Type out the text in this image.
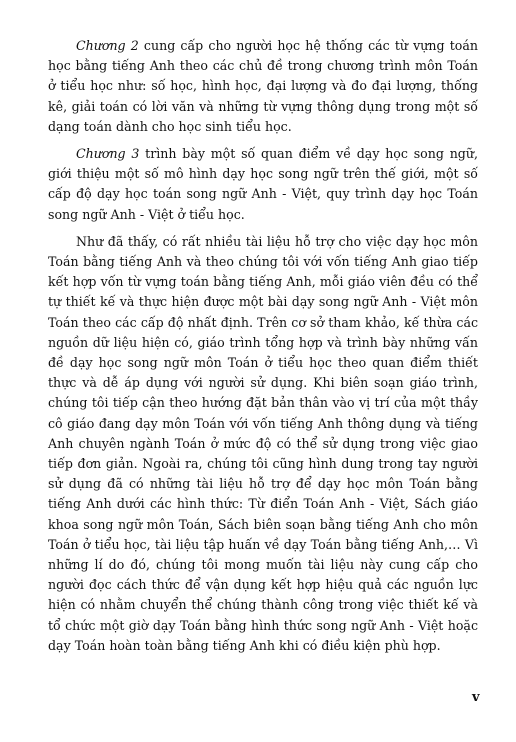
Chương 2 cung cấp cho người học hệ thống các từ vựng toán học bằng tiếng Anh theo các chủ đề trong chương trình môn Toán ở tiểu học như: số học, hình học, đại lượng và đo đại lượng, thống kê, giải toán có lời văn và những từ vựng thông dụng trong một số dạng toán dành cho học sinh tiểu học.

Chương 3 trình bày một số quan điểm về dạy học song ngữ, giới thiệu một số mô hình dạy học song ngữ trên thế giới, một số cấp độ dạy học toán song ngữ Anh - Việt, quy trình dạy học Toán song ngữ Anh - Việt ở tiểu học.

Như đã thấy, có rất nhiều tài liệu hỗ trợ cho việc dạy học môn Toán bằng tiếng Anh và theo chúng tôi với vốn tiếng Anh giao tiếp kết hợp vốn từ vựng toán bằng tiếng Anh, mỗi giáo viên đều có thể tự thiết kế và thực hiện được một bài dạy song ngữ Anh - Việt môn Toán theo các cấp độ nhất định. Trên cơ sở tham khảo, kế thừa các nguồn dữ liệu hiện có, giáo trình tổng hợp và trình bày những vấn đề dạy học song ngữ môn Toán ở tiểu học theo quan điểm thiết thực và dễ áp dụng với người sử dụng. Khi biên soạn giáo trình, chúng tôi tiếp cận theo hướng đặt bản thân vào vị trí của một thầy cô giáo đang dạy môn Toán với vốn tiếng Anh thông dụng và tiếng Anh chuyên ngành Toán ở mức độ có thể sử dụng trong việc giao tiếp đơn giản. Ngoài ra, chúng tôi cũng hình dung trong tay người sử dụng đã có những tài liệu hỗ trợ để dạy học môn Toán bằng tiếng Anh dưới các hình thức: Từ điển Toán Anh - Việt, Sách giáo khoa song ngữ môn Toán, Sách biên soạn bằng tiếng Anh cho môn Toán ở tiểu học, tài liệu tập huấn về dạy Toán bằng tiếng Anh,… Vì những lí do đó, chúng tôi mong muốn tài liệu này cung cấp cho người đọc cách thức để vận dụng kết hợp hiệu quả các nguồn lực hiện có nhằm chuyển thể chúng thành công trong việc thiết kế và tổ chức một giờ dạy Toán bằng hình thức song ngữ Anh - Việt hoặc dạy Toán hoàn toàn bằng tiếng Anh khi có điều kiện phù hợp.

v
